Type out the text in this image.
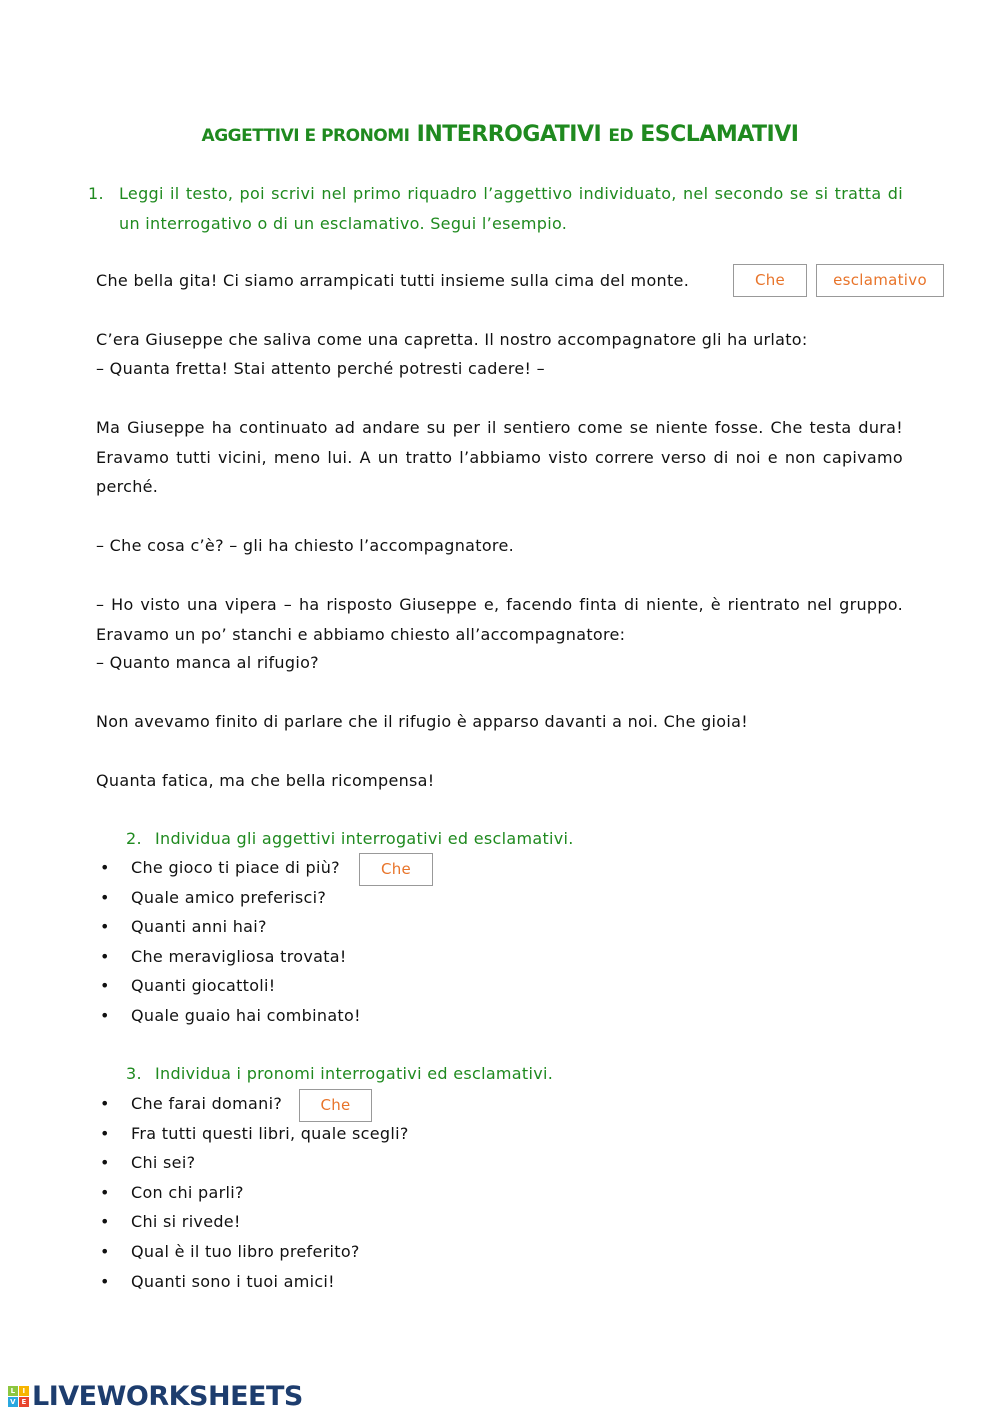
AGGETTIVI E PRONOMI INTERROGATIVI ED ESCLAMATIVI
1. Leggi il testo, poi scrivi nel primo riquadro l’aggettivo individuato, nel secondo se si tratta di un interrogativo o di un esclamativo. Segui l’esempio.
Che bella gita! Ci siamo arrampicati tutti insieme sulla cima del monte.	Che	esclamativo
C’era Giuseppe che saliva come una capretta. Il nostro accompagnatore gli ha urlato:
– Quanta fretta! Stai attento perché potresti cadere! –
Ma Giuseppe ha continuato ad andare su per il sentiero come se niente fosse. Che testa dura! Eravamo tutti vicini, meno lui. A un tratto l’abbiamo visto correre verso di noi e non capivamo perché.
– Che cosa c’è? – gli ha chiesto l’accompagnatore.
– Ho visto una vipera – ha risposto Giuseppe e, facendo finta di niente, è rientrato nel gruppo. Eravamo un po’ stanchi e abbiamo chiesto all’accompagnatore:
– Quanto manca al rifugio?
Non avevamo finito di parlare che il rifugio è apparso davanti a noi. Che gioia!
Quanta fatica, ma che bella ricompensa!
2. Individua gli aggettivi interrogativi ed esclamativi.
• Che gioco ti piace di più?
• Quale amico preferisci?
• Quanti anni hai?
• Che meravigliosa trovata!
• Quanti giocattoli!
• Quale guaio hai combinato!
Che
3. Individua i pronomi interrogativi ed esclamativi.
• Che farai domani?
• Fra tutti questi libri, quale scegli?
• Chi sei?
• Con chi parli?
• Chi si rivede!
• Qual è il tuo libro preferito?
• Quanti sono i tuoi amici!
Che
L	I
V E LIVEWORKSHEETS
